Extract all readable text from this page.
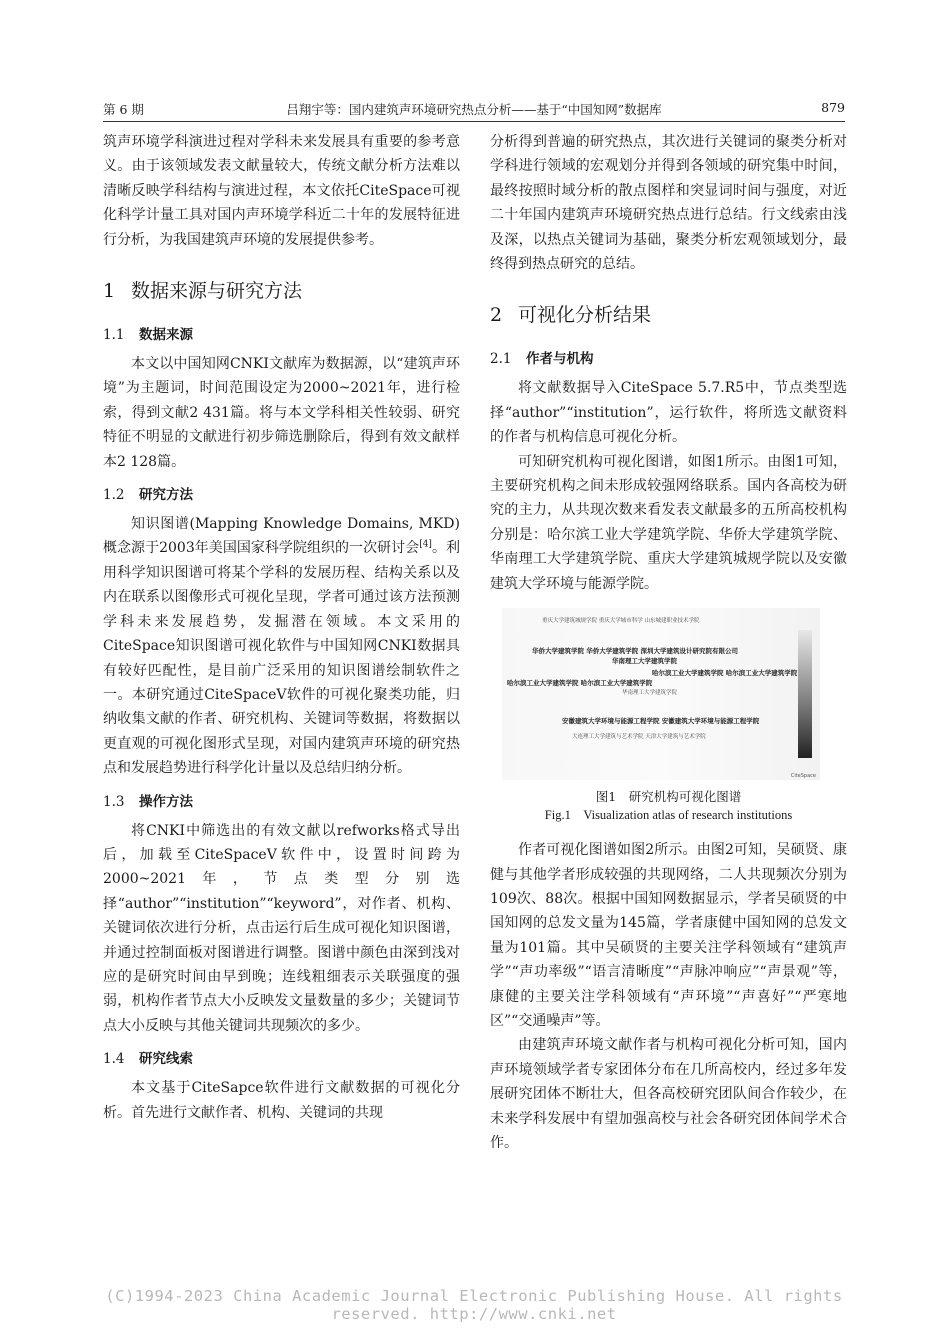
第 6 期	吕翔宇等：国内建筑声环境研究热点分析——基于“中国知网”数据库	879

筑声环境学科演进过程对学科未来发展具有重要的参考意义。由于该领域发表文献量较大，传统文献分析方法难以清晰反映学科结构与演进过程，本文依托CiteSpace可视化科学计量工具对国内声环境学科近二十年的发展特征进行分析，为我国建筑声环境的发展提供参考。

1 数据来源与研究方法
1.1 数据来源

本文以中国知网CNKI文献库为数据源，以“建筑声环境”为主题词，时间范围设定为2000~2021年，进行检索，得到文献2 431篇。将与本文学科相关性较弱、研究特征不明显的文献进行初步筛选删除后，得到有效文献样本2 128篇。

1.2 研究方法

知识图谱(Mapping Knowledge Domains, MKD)概念源于2003年美国国家科学院组织的一次研讨会[4]。利用科学知识图谱可将某个学科的发展历程、结构关系以及内在联系以图像形式可视化呈现，学者可通过该方法预测学科未来发展趋势，发掘潜在领域。本文采用的CiteSpace知识图谱可视化软件与中国知网CNKI数据具有较好匹配性，是目前广泛采用的知识图谱绘制软件之一。本研究通过CiteSpaceV软件的可视化聚类功能，归纳收集文献的作者、研究机构、关键词等数据，将数据以更直观的可视化图形式呈现，对国内建筑声环境的研究热点和发展趋势进行科学化计量以及总结归纳分析。

1.3 操作方法

将CNKI中筛选出的有效文献以refworks格式导出后，加载至CiteSpaceV软件中，设置时间跨为2000~2021年，节点类型分别选择“author”“institution”“keyword”，对作者、机构、关键词依次进行分析，点击运行后生成可视化知识图谱，并通过控制面板对图谱进行调整。图谱中颜色由深到浅对应的是研究时间由早到晚；连线粗细表示关联强度的强弱，机构作者节点大小反映发文量数量的多少；关键词节点大小反映与其他关键词共现频次的多少。

1.4 研究线索

本文基于CiteSapce软件进行文献数据的可视化分析。首先进行文献作者、机构、关键词的共现

分析得到普遍的研究热点，其次进行关键词的聚类分析对学科进行领域的宏观划分并得到各领域的研究集中时间，最终按照时域分析的散点图样和突显词时间与强度，对近二十年国内建筑声环境研究热点进行总结。行文线索由浅及深，以热点关键词为基础，聚类分析宏观领域划分，最终得到热点研究的总结。

2 可视化分析结果
2.1 作者与机构

将文献数据导入CiteSpace 5.7.R5中，节点类型选择“author”“institution”，运行软件，将所选文献资料的作者与机构信息可视化分析。

可知研究机构可视化图谱，如图1所示。由图1可知，主要研究机构之间未形成较强网络联系。国内各高校为研究的主力，从共现次数来看发表文献最多的五所高校机构分别是：哈尔滨工业大学建筑学院、华侨大学建筑学院、华南理工大学建筑学院、重庆大学建筑城规学院以及安徽建筑大学环境与能源学院。

重庆大学建筑城规学院 重庆大学城市科学 山东城建职业技术学院
华侨大学建筑学院 华侨大学建筑学院 深圳大学建筑设计研究院有限公司
华南理工大学建筑学院
哈尔滨工业大学建筑学院 哈尔滨工业大学建筑学院
哈尔滨工业大学建筑学院 哈尔滨工业大学建筑学院
华南理工大学建筑学院
安徽建筑大学环境与能源工程学院 安徽建筑大学环境与能源工程学院
大连理工大学建筑与艺术学院 天津大学建筑与艺术学院
CiteSpace
图1　研究机构可视化图谱
Fig.1　Visualization atlas of research institutions

作者可视化图谱如图2所示。由图2可知，吴硕贤、康健与其他学者形成较强的共现网络，二人共现频次分别为109次、88次。根据中国知网数据显示，学者吴硕贤的中国知网的总发文量为145篇，学者康健中国知网的总发文量为101篇。其中吴硕贤的主要关注学科领域有“建筑声学”“声功率级”“语言清晰度”“声脉冲响应”“声景观”等，康健的主要关注学科领域有“声环境”“声喜好”“严寒地区”“交通噪声”等。

由建筑声环境文献作者与机构可视化分析可知，国内声环境领域学者专家团体分布在几所高校内，经过多年发展研究团体不断壮大，但各高校研究团队间合作较少，在未来学科发展中有望加强高校与社会各研究团体间学术合作。

(C)1994-2023 China Academic Journal Electronic Publishing House. All rights reserved. http://www.cnki.net
